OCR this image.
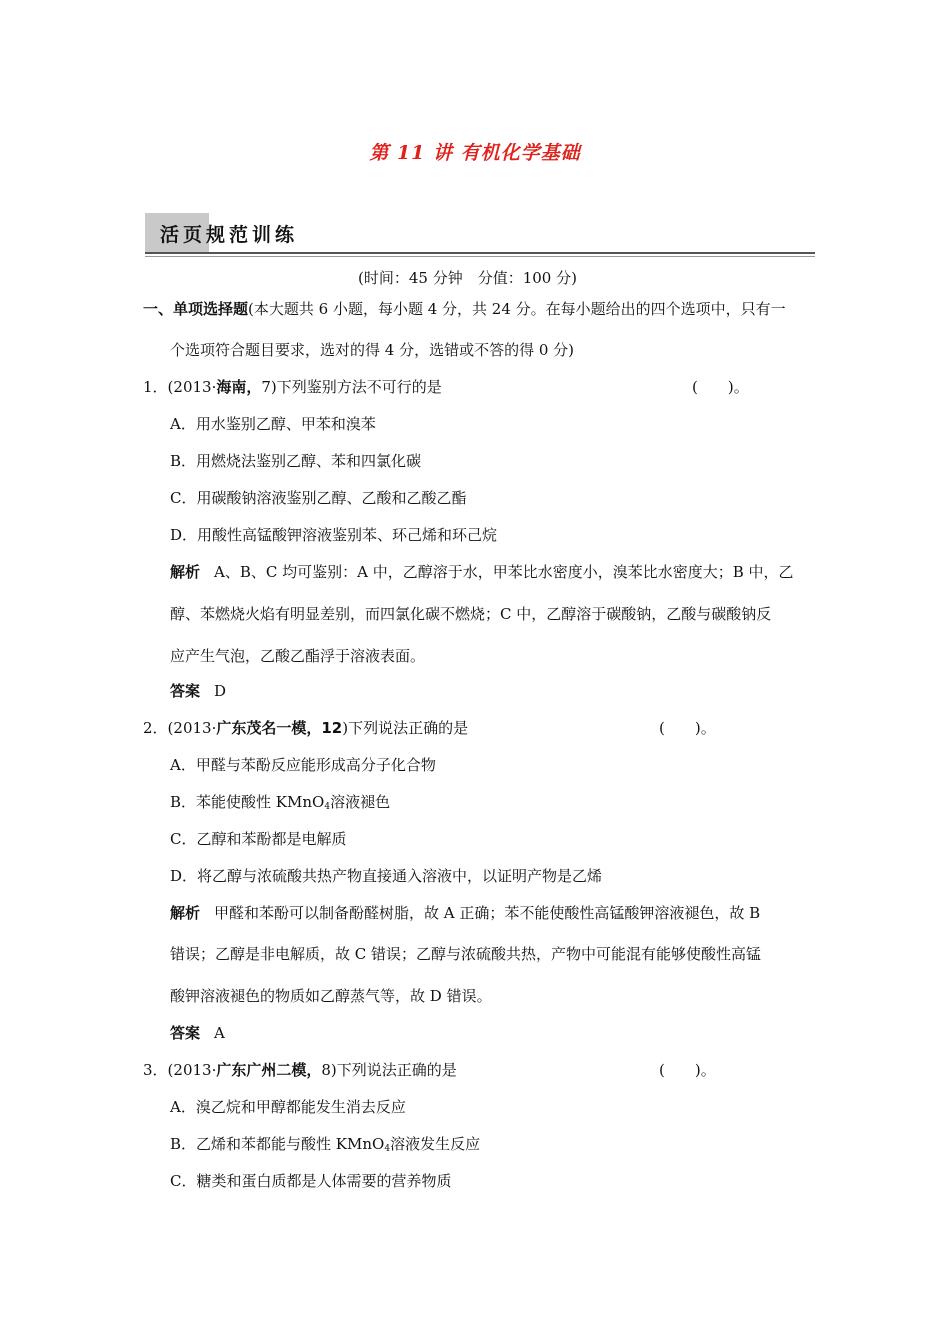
第 11 讲 有机化学基础
活页规范训练
(时间：45 分钟　分值：100 分)
一、单项选择题(本大题共 6 小题，每小题 4 分，共 24 分。在每小题给出的四个选项中，只有一
个选项符合题目要求，选对的得 4 分，选错或不答的得 0 分)
1．(2013·海南，7)下列鉴别方法不可行的是	(　　)。
A．用水鉴别乙醇、甲苯和溴苯
B．用燃烧法鉴别乙醇、苯和四氯化碳
C．用碳酸钠溶液鉴别乙醇、乙酸和乙酸乙酯
D．用酸性高锰酸钾溶液鉴别苯、环己烯和环己烷
解析 A、B、C 均可鉴别：A 中，乙醇溶于水，甲苯比水密度小，溴苯比水密度大；B 中，乙
醇、苯燃烧火焰有明显差别，而四氯化碳不燃烧；C 中，乙醇溶于碳酸钠，乙酸与碳酸钠反
应产生气泡，乙酸乙酯浮于溶液表面。
答案 D
2．(2013·广东茂名一模，12)下列说法正确的是	(　　)。
A．甲醛与苯酚反应能形成高分子化合物
B．苯能使酸性 KMnO$_4$溶液褪色
C．乙醇和苯酚都是电解质
D．将乙醇与浓硫酸共热产物直接通入溶液中，以证明产物是乙烯
解析 甲醛和苯酚可以制备酚醛树脂，故 A 正确；苯不能使酸性高锰酸钾溶液褪色，故 B
错误；乙醇是非电解质，故 C 错误；乙醇与浓硫酸共热，产物中可能混有能够使酸性高锰
酸钾溶液褪色的物质如乙醇蒸气等，故 D 错误。
答案 A
3．(2013·广东广州二模，8)下列说法正确的是	(　　)。
A．溴乙烷和甲醇都能发生消去反应
B．乙烯和苯都能与酸性 KMnO$_4$溶液发生反应
C．糖类和蛋白质都是人体需要的营养物质
